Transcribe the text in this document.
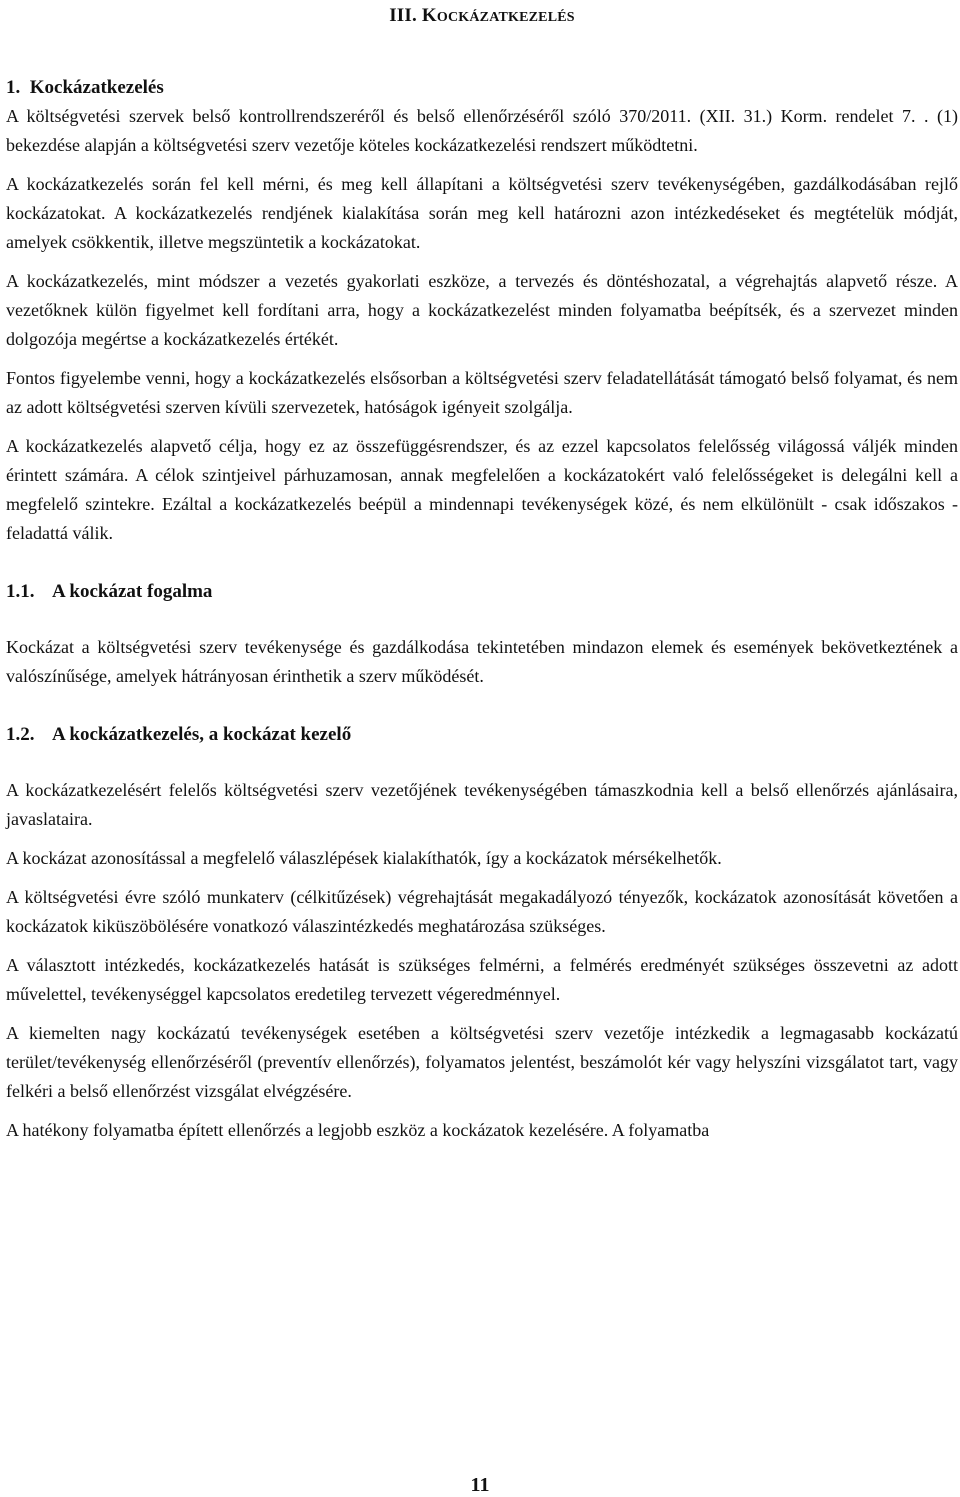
III. KOCKÁZATKEZELÉS
1.  Kockázatkezelés

A költségvetési szervek belső kontrollrendszeréről és belső ellenőrzéséről szóló 370/2011. (XII. 31.) Korm. rendelet 7. . (1) bekezdése alapján a költségvetési szerv vezetője köteles kockázatkezelési rendszert működtetni.

A kockázatkezelés során fel kell mérni, és meg kell állapítani a költségvetési szerv tevékenységében, gazdálkodásában rejlő kockázatokat. A kockázatkezelés rendjének kialakítása során meg kell határozni azon intézkedéseket és megtételük módját, amelyek csökkentik, illetve megszüntetik a kockázatokat.

A kockázatkezelés, mint módszer a vezetés gyakorlati eszköze, a tervezés és döntéshozatal, a végrehajtás alapvető része. A vezetőknek külön figyelmet kell fordítani arra, hogy a kockázatkezelést minden folyamatba beépítsék, és a szervezet minden dolgozója megértse a kockázatkezelés értékét.

Fontos figyelembe venni, hogy a kockázatkezelés elsősorban a költségvetési szerv feladatellátását támogató belső folyamat, és nem az adott költségvetési szerven kívüli szervezetek, hatóságok igényeit szolgálja.

A kockázatkezelés alapvető célja, hogy ez az összefüggésrendszer, és az ezzel kapcsolatos felelősség világossá váljék minden érintett számára. A célok szintjeivel párhuzamosan, annak megfelelően a kockázatokért való felelősségeket is delegálni kell a megfelelő szintekre. Ezáltal a kockázatkezelés beépül a mindennapi tevékenységek közé, és nem elkülönült - csak időszakos - feladattá válik.

1.1. A kockázat fogalma

Kockázat a költségvetési szerv tevékenysége és gazdálkodása tekintetében mindazon elemek és események bekövetkeztének a valószínűsége, amelyek hátrányosan érinthetik a szerv működését.

1.2. A kockázatkezelés, a kockázat kezelő

A kockázatkezelésért felelős költségvetési szerv vezetőjének tevékenységében támaszkodnia kell a belső ellenőrzés ajánlásaira, javaslataira.

A kockázat azonosítással a megfelelő válaszlépések kialakíthatók, így a kockázatok mérsékelhetők.

A költségvetési évre szóló munkaterv (célkitűzések) végrehajtását megakadályozó tényezők, kockázatok azonosítását követően a kockázatok kiküszöbölésére vonatkozó válaszintézkedés meghatározása szükséges.

A választott intézkedés, kockázatkezelés hatását is szükséges felmérni, a felmérés eredményét szükséges összevetni az adott művelettel, tevékenységgel kapcsolatos eredetileg tervezett végeredménnyel.

A kiemelten nagy kockázatú tevékenységek esetében a költségvetési szerv vezetője intézkedik a legmagasabb kockázatú terület/tevékenység ellenőrzéséről (preventív ellenőrzés), folyamatos jelentést, beszámolót kér vagy helyszíni vizsgálatot tart, vagy felkéri a belső ellenőrzést vizsgálat elvégzésére.

A hatékony folyamatba épített ellenőrzés a legjobb eszköz a kockázatok kezelésére. A folyamatba

11
